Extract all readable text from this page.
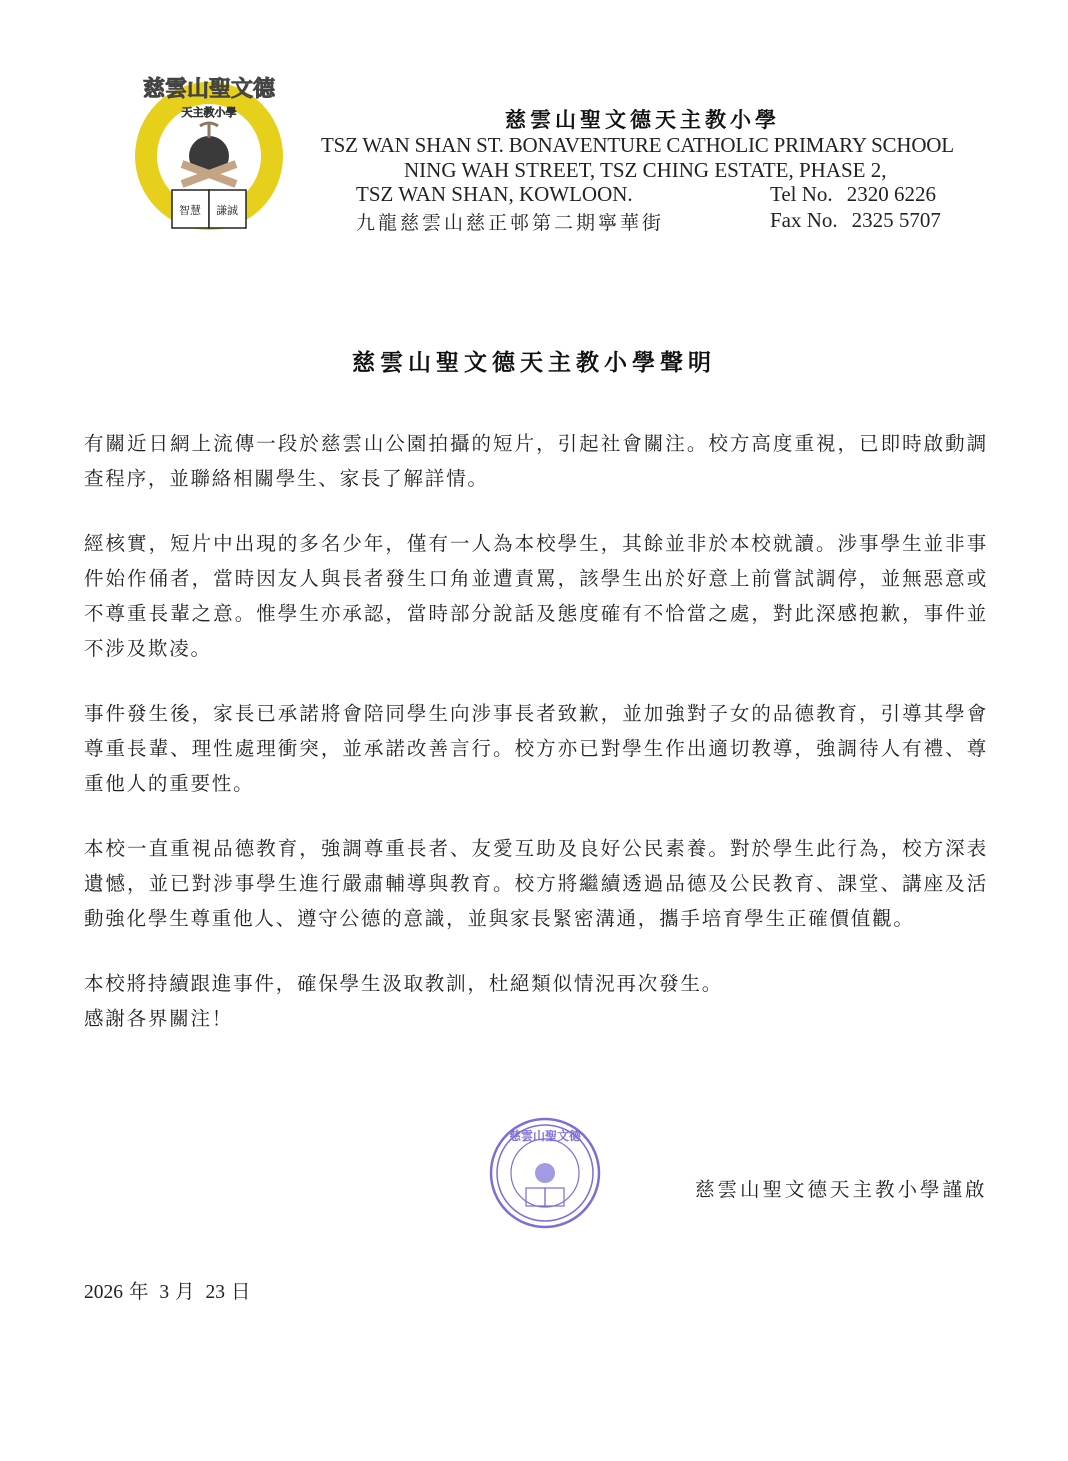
慈雲山聖文德
天主教小學
智慧 謙誠
慈雲山聖文德天主教小學
TSZ WAN SHAN ST. BONAVENTURE CATHOLIC PRIMARY SCHOOL
NING WAH STREET, TSZ CHING ESTATE, PHASE 2,
TSZ WAN SHAN, KOWLOON.	Tel No. 2320 6226
九龍慈雲山慈正邨第二期寧華街	Fax No. 2325 5707
慈雲山聖文德天主教小學聲明

有關近日網上流傳一段於慈雲山公園拍攝的短片，引起社會關注。校方高度重視，已即時啟動調查程序，並聯絡相關學生、家長了解詳情。

經核實，短片中出現的多名少年，僅有一人為本校學生，其餘並非於本校就讀。涉事學生並非事件始作俑者，當時因友人與長者發生口角並遭責罵，該學生出於好意上前嘗試調停，並無惡意或不尊重長輩之意。惟學生亦承認，當時部分說話及態度確有不恰當之處，對此深感抱歉，事件並不涉及欺凌。

事件發生後，家長已承諾將會陪同學生向涉事長者致歉，並加強對子女的品德教育，引導其學會尊重長輩、理性處理衝突，並承諾改善言行。校方亦已對學生作出適切教導，強調待人有禮、尊重他人的重要性。

本校一直重視品德教育，強調尊重長者、友愛互助及良好公民素養。對於學生此行為，校方深表遺憾，並已對涉事學生進行嚴肅輔導與教育。校方將繼續透過品德及公民教育、課堂、講座及活動強化學生尊重他人、遵守公德的意識，並與家長緊密溝通，攜手培育學生正確價值觀。

本校將持續跟進事件，確保學生汲取教訓，杜絕類似情況再次發生。

感謝各界關注！

慈雲山聖文德
慈雲山聖文德天主教小學謹啟
2026 年 3 月 23 日
